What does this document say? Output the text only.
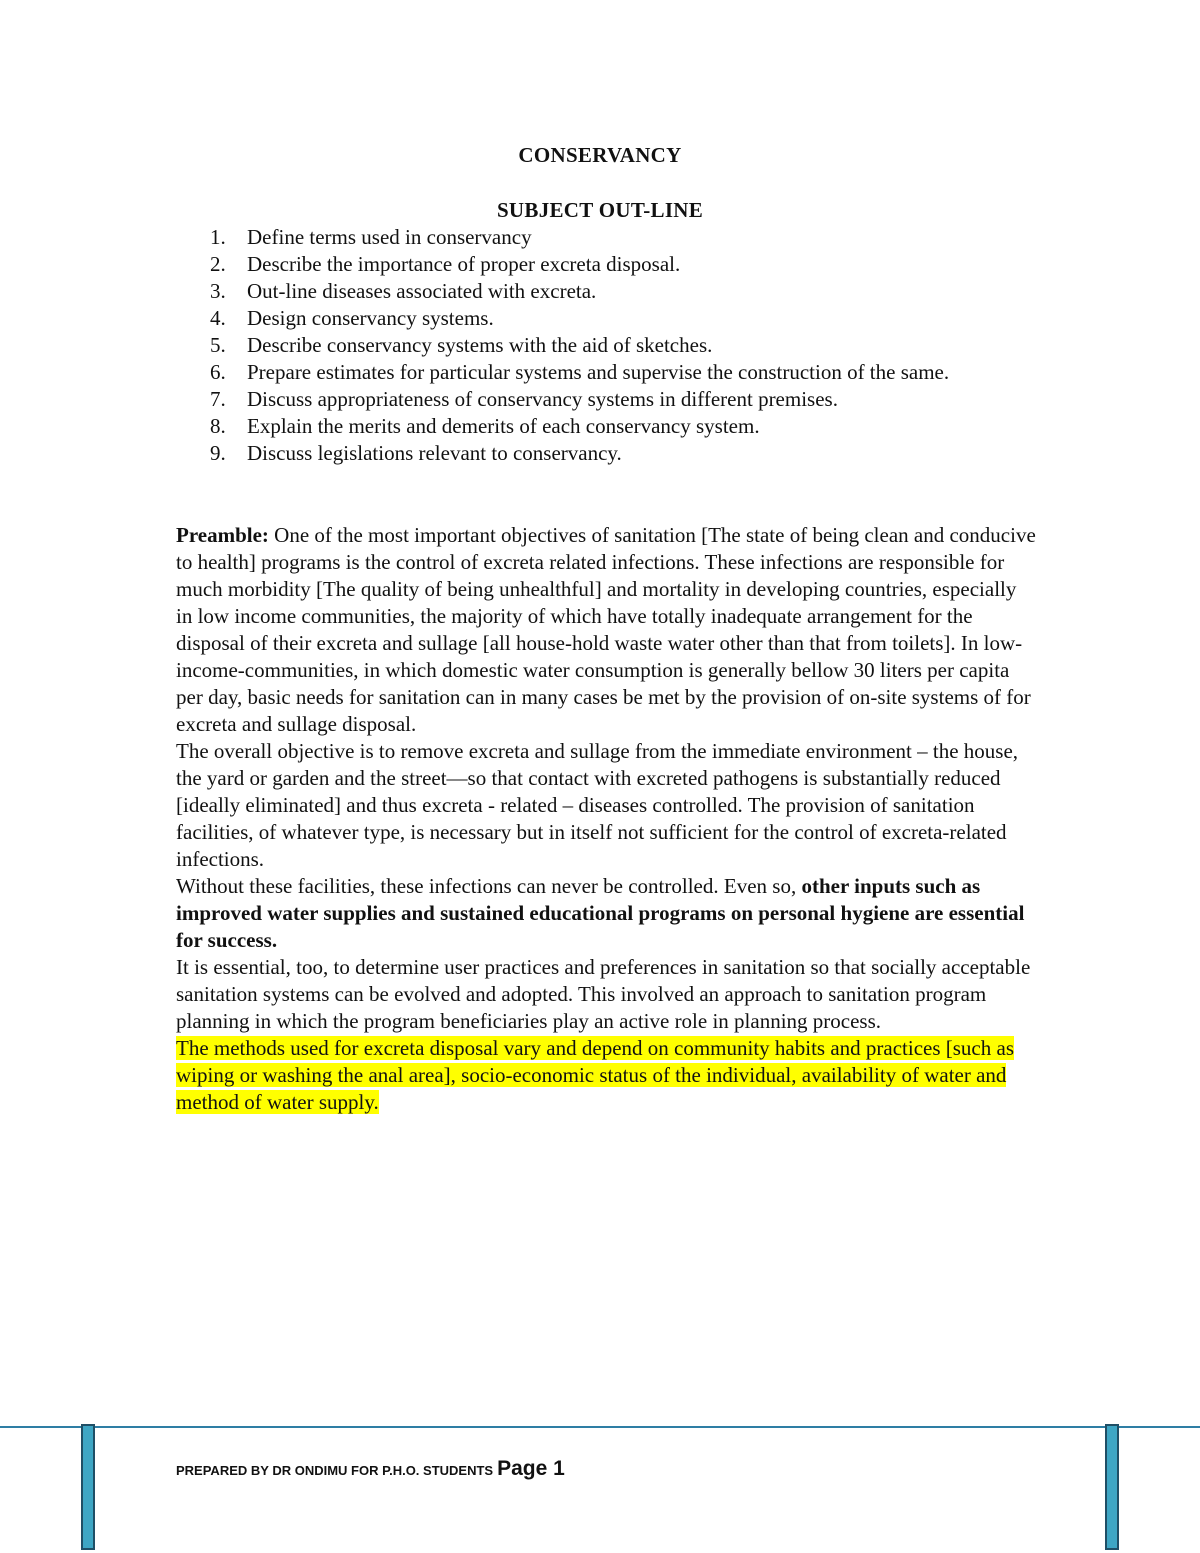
CONSERVANCY
SUBJECT OUT-LINE
1. Define terms used in conservancy
2. Describe the importance of proper excreta disposal.
3. Out-line diseases associated with excreta.
4. Design conservancy systems.
5. Describe conservancy systems with the aid of sketches.
6. Prepare estimates for particular systems and supervise the construction of the same.
7. Discuss appropriateness of conservancy systems in different premises.
8. Explain the merits and demerits of each conservancy system.
9. Discuss legislations relevant to conservancy.

Preamble: One of the most important objectives of sanitation [The state of being clean and conducive to health] programs is the control of excreta related infections. These infections are responsible for much morbidity [The quality of being unhealthful] and mortality in developing countries, especially in low income communities, the majority of which have totally inadequate arrangement for the disposal of their excreta and sullage [all house-hold waste water other than that from toilets]. In low-income-communities, in which domestic water consumption is generally bellow 30 liters per capita per day, basic needs for sanitation can in many cases be met by the provision of on-site systems of for excreta and sullage disposal.

The overall objective is to remove excreta and sullage from the immediate environment – the house, the yard or garden and the street—so that contact with excreted pathogens is substantially reduced [ideally eliminated] and thus excreta - related – diseases controlled. The provision of sanitation facilities, of whatever type, is necessary but in itself not sufficient for the control of excreta-related infections.

Without these facilities, these infections can never be controlled. Even so, other inputs such as improved water supplies and sustained educational programs on personal hygiene are essential for success.

It is essential, too, to determine user practices and preferences in sanitation so that socially acceptable sanitation systems can be evolved and adopted. This involved an approach to sanitation program planning in which the program beneficiaries play an active role in planning process.

The methods used for excreta disposal vary and depend on community habits and practices [such as wiping or washing the anal area], socio-economic status of the individual, availability of water and method of water supply.

PREPARED BY DR ONDIMU FOR P.H.O. STUDENTS Page 1
